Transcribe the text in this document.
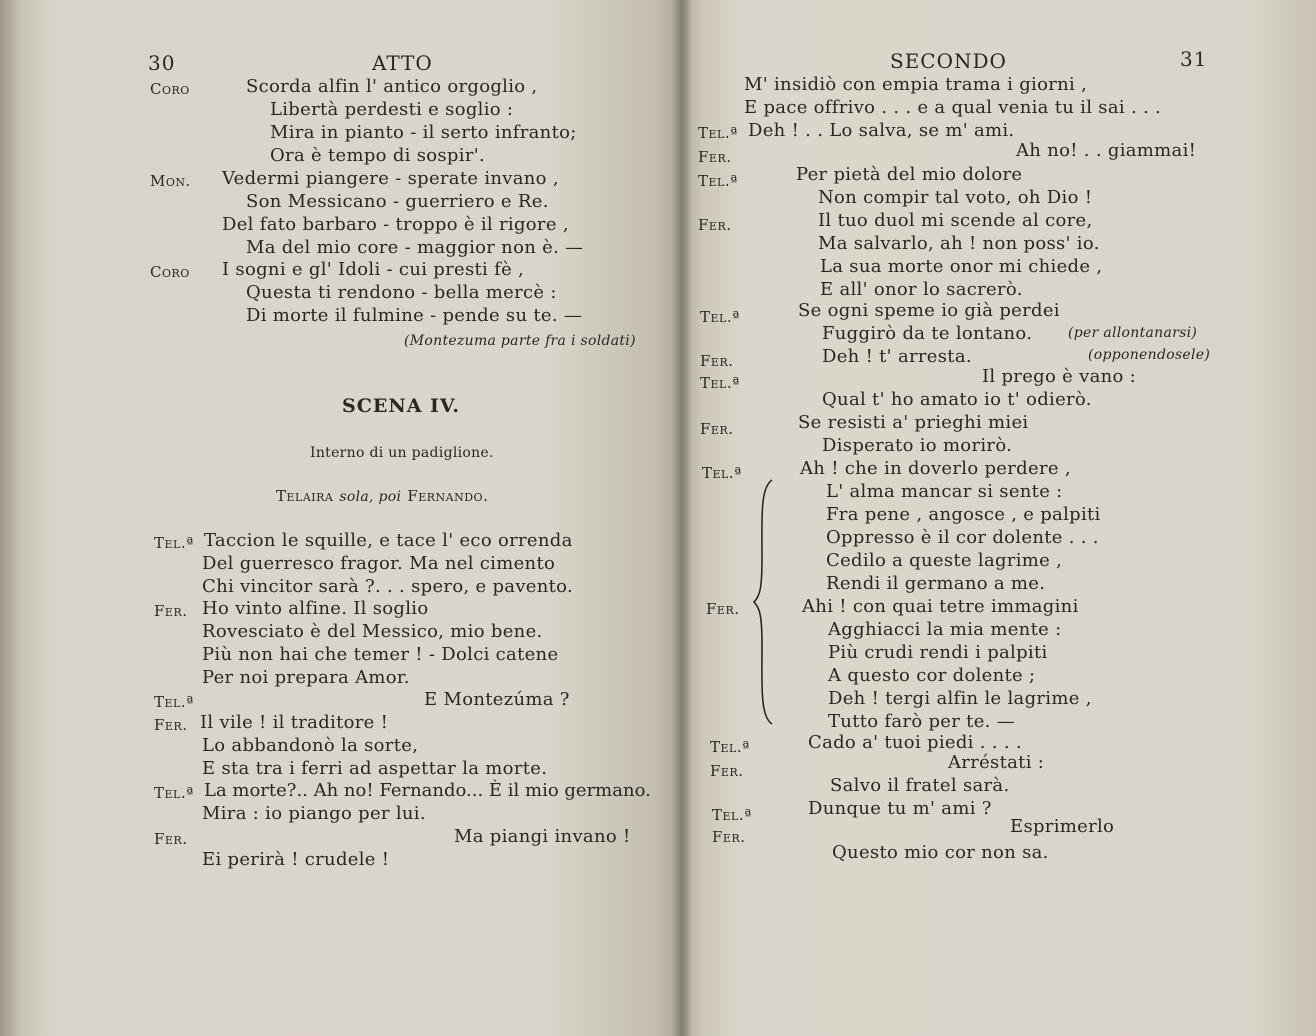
30	ATTO
Coro	Scorda alfin l' antico orgoglio ,
Libertà perdesti e soglio :
Mira in pianto - il serto infranto;
Ora è tempo di sospir'.
Mon. Vedermi piangere - sperate invano ,
Son Messicano - guerriero e Re.
Del fato barbaro - troppo è il rigore ,
Ma del mio core - maggior non è. —
Coro I sogni e gl' Idoli - cui presti fè ,
Questa ti rendono - bella mercè :
Di morte il fulmine - pende su te. —
(Montezuma parte fra i soldati)
SCENA IV.
Interno di un padiglione.
Telaira sola, poi Fernando.
Tel.ª Taccion le squille, e tace l' eco orrenda
Del guerresco fragor. Ma nel cimento
Chi vincitor sarà ?. . . spero, e pavento.
Fer. Ho vinto alfine. Il soglio
Rovesciato è del Messico, mio bene.
Più non hai che temer ! - Dolci catene
Per noi prepara Amor.
Tel.ª	E Montezúma ?
Fer. Il vile ! il traditore !
Lo abbandonò la sorte,
E sta tra i ferri ad aspettar la morte.
Tel.ª La morte?.. Ah no! Fernando... È il mio germano.
Mira : io piango per lui.
Fer.	Ma piangi invano !
Ei perirà ! crudele !
SECONDO	31
M' insidiò con empia trama i giorni ,
E pace offrivo . . . e a qual venia tu il sai . . .
Tel.ª Deh ! . . Lo salva, se m' ami.
Fer.	Ah no! . . giammai!
Tel.ª	Per pietà del mio dolore
Non compir tal voto, oh Dio !
Fer.	Il tuo duol mi scende al core,
Ma salvarlo, ah ! non poss' io.
La sua morte onor mi chiede ,
E all' onor lo sacrerò.
Tel.ª	Se ogni speme io già perdei
Fuggirò da te lontano.	(per allontanarsi)
Fer.	Deh ! t' arresta.	(opponendosele)
Tel.ª	Il prego è vano :
Qual t' ho amato io t' odierò.
Fer.	Se resisti a' prieghi miei
Disperato io morirò.
Tel.ª	Ah ! che in doverlo perdere ,
L' alma mancar si sente :
Fra pene , angosce , e palpiti
Oppresso è il cor dolente . . .
Cedilo a queste lagrime ,
Rendi il germano a me.
Fer.	Ahi ! con quai tetre immagini
Agghiacci la mia mente :
Più crudi rendi i palpiti
A questo cor dolente ;
Deh ! tergi alfin le lagrime ,
Tutto farò per te. —
Tel.ª	Cado a' tuoi piedi . . . .
Fer.	Arréstati :
Salvo il fratel sarà.
Tel.ª	Dunque tu m' ami ?
Fer.	Esprimerlo
Questo mio cor non sa.
